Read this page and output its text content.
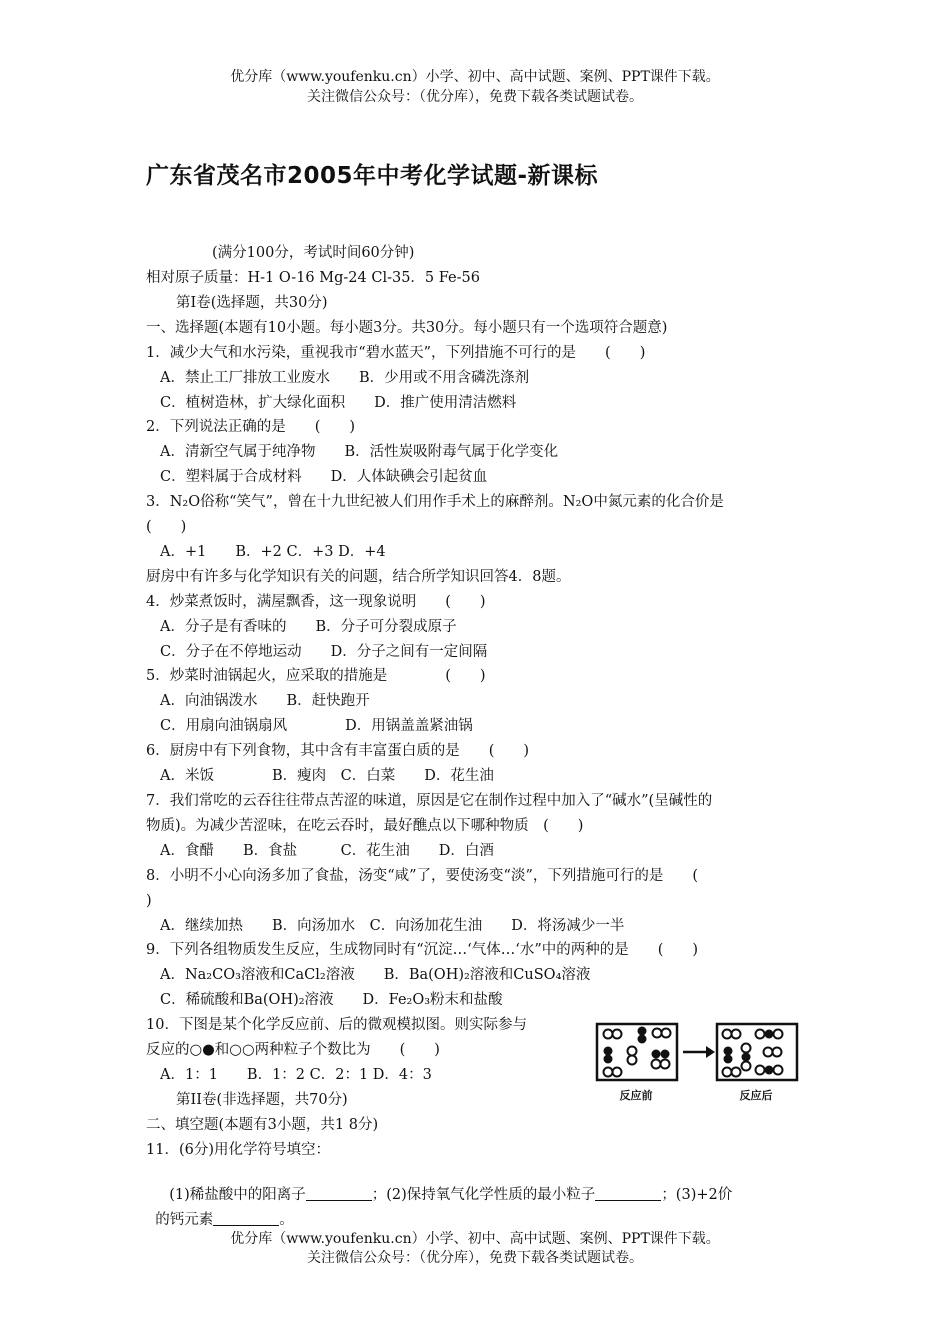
优分库（www.youfenku.cn）小学、初中、高中试题、案例、PPT课件下载。
关注微信公众号：（优分库），免费下载各类试题试卷。
广东省茂名市2005年中考化学试题-新课标
(满分100分，考试时间60分钟)
相对原子质量：H-1 O-16 Mg-24 Cl-35．5 Fe-56
第I卷(选择题，共30分)
一、选择题(本题有10小题。每小题3分。共30分。每小题只有一个选项符合题意)
1．减少大气和水污染，重视我市“碧水蓝天”，下列措施不可行的是　　(　　)
A．禁止工厂排放工业废水　　B．少用或不用含磷洗涤剂
C．植树造林，扩大绿化面积　　D．推广使用清洁燃料
2．下列说法正确的是　　(　　)
A．清新空气属于纯净物　　B．活性炭吸附毒气属于化学变化
C．塑料属于合成材料　　D．人体缺碘会引起贫血
3．N₂O俗称“笑气”，曾在十九世纪被人们用作手术上的麻醉剂。N₂O中氮元素的化合价是
(　　)
A．+1　　B．+2 C．+3 D．+4
厨房中有许多与化学知识有关的问题，结合所学知识回答4．8题。
4．炒菜煮饭时，满屋飘香，这一现象说明　　(　　)
A．分子是有香味的　　B．分子可分裂成原子
C．分子在不停地运动　　D．分子之间有一定间隔
5．炒菜时油锅起火，应采取的措施是　　　　(　　)
A．向油锅泼水　　B．赶快跑开
C．用扇向油锅扇风　　　　D．用锅盖盖紧油锅
6．厨房中有下列食物，其中含有丰富蛋白质的是　　(　　)
A．米饭　　　　B．瘦肉　C．白菜　　D．花生油
7．我们常吃的云吞往往带点苦涩的味道，原因是它在制作过程中加入了“碱水”(呈碱性的
物质)。为减少苦涩味，在吃云吞时，最好醮点以下哪种物质　(　　)
A．食醋　　B．食盐　　　C．花生油　　D．白酒
8．小明不小心向汤多加了食盐，汤变“咸”了，要使汤变“淡”，下列措施可行的是　　(
)
A．继续加热　　B．向汤加水　C．向汤加花生油　　D．将汤减少一半
9．下列各组物质发生反应，生成物同时有“沉淀…‘气体…‘水”中的两种的是　　(　　)
A．Na₂CO₃溶液和CaCl₂溶液　　B．Ba(OH)₂溶液和CuSO₄溶液
C．稀硫酸和Ba(OH)₂溶液　　D．Fe₂O₃粉末和盐酸
10．下图是某个化学反应前、后的微观模拟图。则实际参与
反应的○●和○○两种粒子个数比为　　(　　)
A．1：1　　B．1：2 C．2：1 D．4：3
第II卷(非选择题，共70分)
二、填空题(本题有3小题，共1 8分)
11．(6分)用化学符号填空：

(1)稀盐酸中的阳离子	；(2)保持氧气化学性质的最小粒子	；(3)+2价

的钙元素	。

反应前	反应后
优分库（www.youfenku.cn）小学、初中、高中试题、案例、PPT课件下载。
关注微信公众号：（优分库），免费下载各类试题试卷。
